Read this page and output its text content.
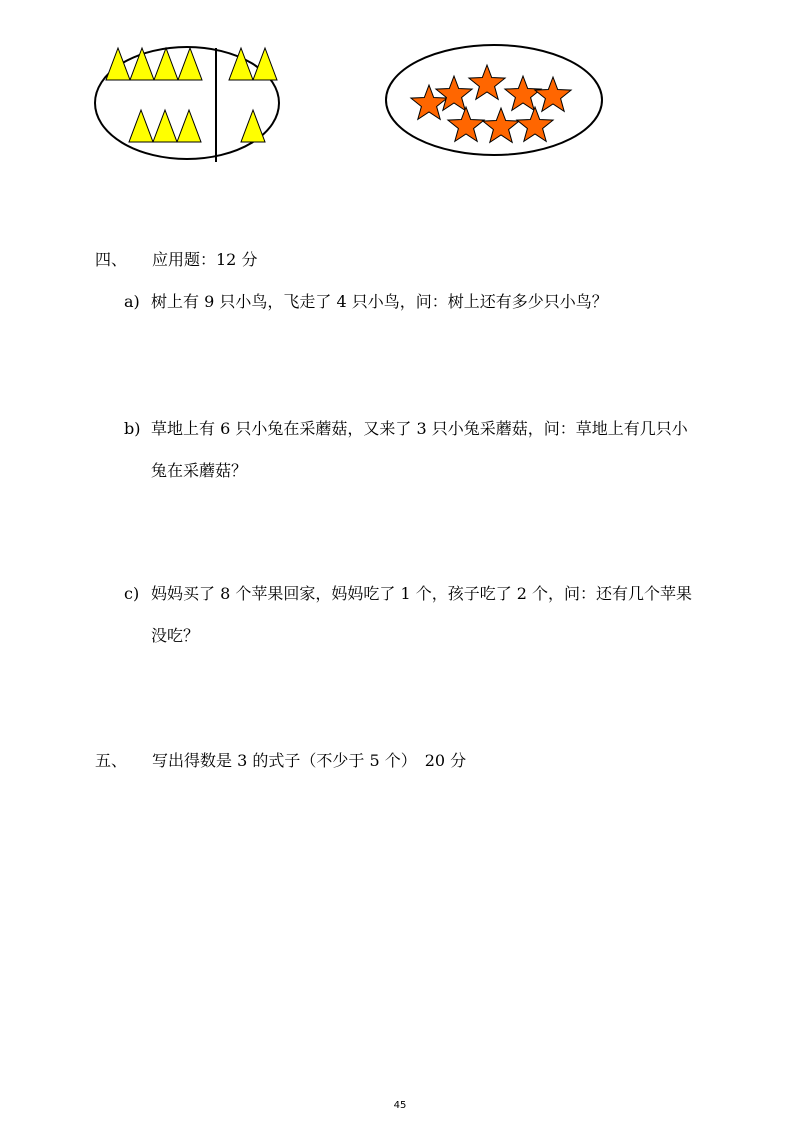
四、 应用题：12 分
a) 树上有 9 只小鸟，飞走了 4 只小鸟，问：树上还有多少只小鸟？
b) 草地上有 6 只小兔在采蘑菇，又来了 3 只小兔采蘑菇，问：草地上有几只小
兔在采蘑菇？
c) 妈妈买了 8 个苹果回家，妈妈吃了 1 个，孩子吃了 2 个，问：还有几个苹果
没吃？
五、 写出得数是 3 的式子（不少于 5 个）　20 分
45
